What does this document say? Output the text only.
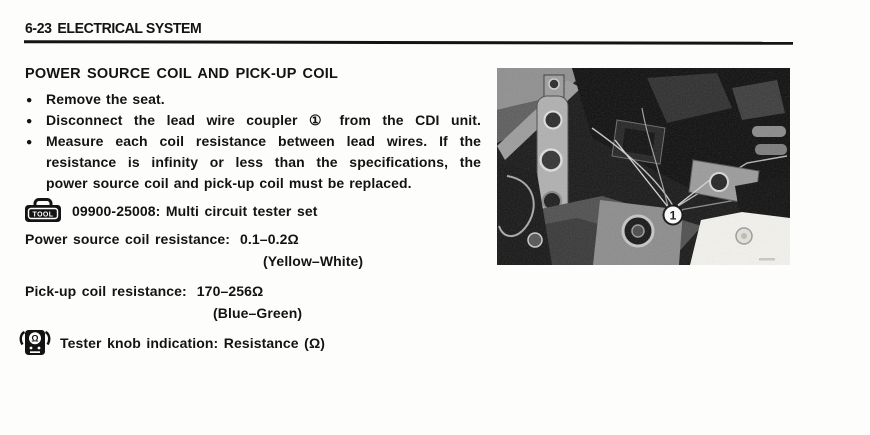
6-23 ELECTRICAL SYSTEM
POWER SOURCE COIL AND PICK-UP COIL
● Remove the seat.
● Disconnect the lead wire coupler ① from the CDI unit.
● Measure each coil resistance between lead wires. If the
resistance is infinity or less than the specifications, the
power source coil and pick-up coil must be replaced.
TOOL 09900-25008: Multi circuit tester set
Power source coil resistance: 0.1–0.2Ω
(Yellow–White)
Pick-up coil resistance: 170–256Ω
(Blue–Green)
Ω Tester knob indication: Resistance (Ω)
1
